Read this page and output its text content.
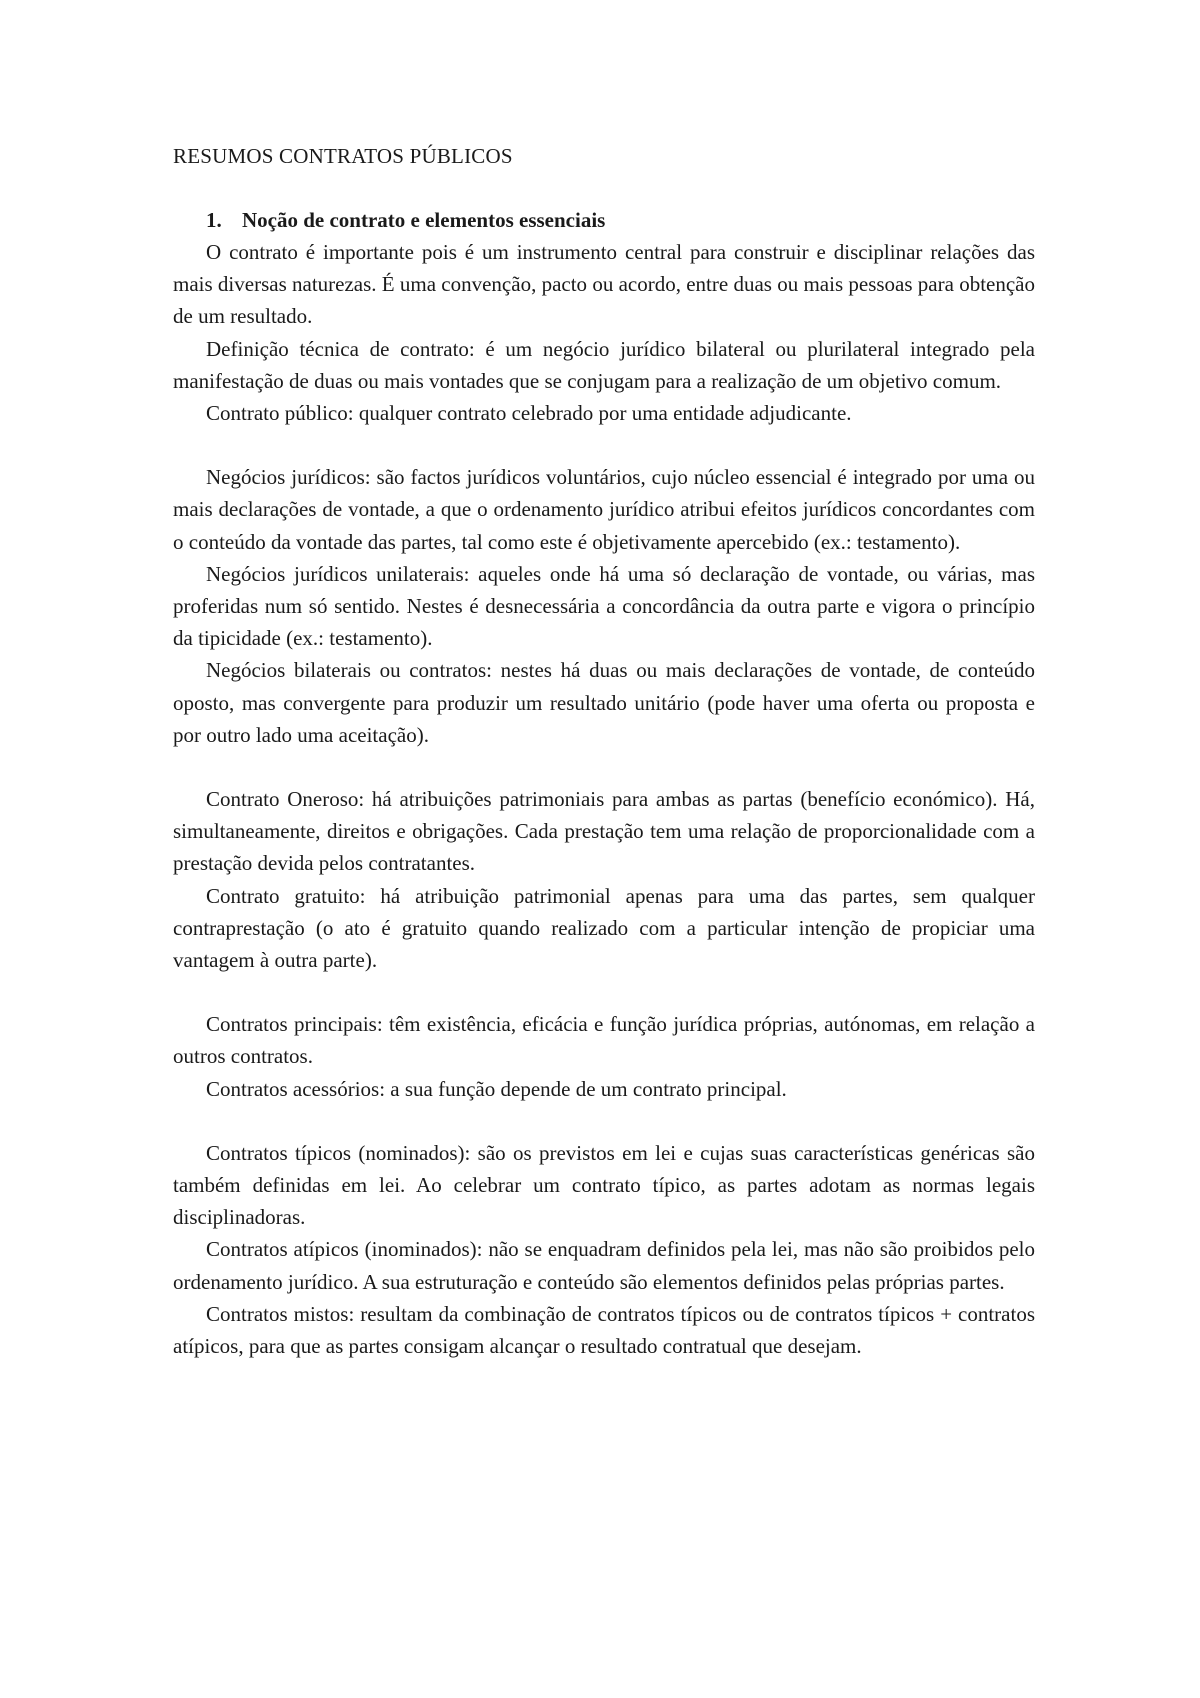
RESUMOS CONTRATOS PÚBLICOS
1. Noção de contrato e elementos essenciais

O contrato é importante pois é um instrumento central para construir e disciplinar relações das mais diversas naturezas. É uma convenção, pacto ou acordo, entre duas ou mais pessoas para obtenção de um resultado.

Definição técnica de contrato: é um negócio jurídico bilateral ou plurilateral integrado pela manifestação de duas ou mais vontades que se conjugam para a realização de um objetivo comum.

Contrato público: qualquer contrato celebrado por uma entidade adjudicante.

Negócios jurídicos: são factos jurídicos voluntários, cujo núcleo essencial é integrado por uma ou mais declarações de vontade, a que o ordenamento jurídico atribui efeitos jurídicos concordantes com o conteúdo da vontade das partes, tal como este é objetivamente apercebido (ex.: testamento).

Negócios jurídicos unilaterais: aqueles onde há uma só declaração de vontade, ou várias, mas proferidas num só sentido. Nestes é desnecessária a concordância da outra parte e vigora o princípio da tipicidade (ex.: testamento).

Negócios bilaterais ou contratos: nestes há duas ou mais declarações de vontade, de conteúdo oposto, mas convergente para produzir um resultado unitário (pode haver uma oferta ou proposta e por outro lado uma aceitação).

Contrato Oneroso: há atribuições patrimoniais para ambas as partas (benefício económico). Há, simultaneamente, direitos e obrigações. Cada prestação tem uma relação de proporcionalidade com a prestação devida pelos contratantes.

Contrato gratuito: há atribuição patrimonial apenas para uma das partes, sem qualquer contraprestação (o ato é gratuito quando realizado com a particular intenção de propiciar uma vantagem à outra parte).

Contratos principais: têm existência, eficácia e função jurídica próprias, autónomas, em relação a outros contratos.

Contratos acessórios: a sua função depende de um contrato principal.

Contratos típicos (nominados): são os previstos em lei e cujas suas características genéricas são também definidas em lei. Ao celebrar um contrato típico, as partes adotam as normas legais disciplinadoras.

Contratos atípicos (inominados): não se enquadram definidos pela lei, mas não são proibidos pelo ordenamento jurídico. A sua estruturação e conteúdo são elementos definidos pelas próprias partes.

Contratos mistos: resultam da combinação de contratos típicos ou de contratos típicos + contratos atípicos, para que as partes consigam alcançar o resultado contratual que desejam.
